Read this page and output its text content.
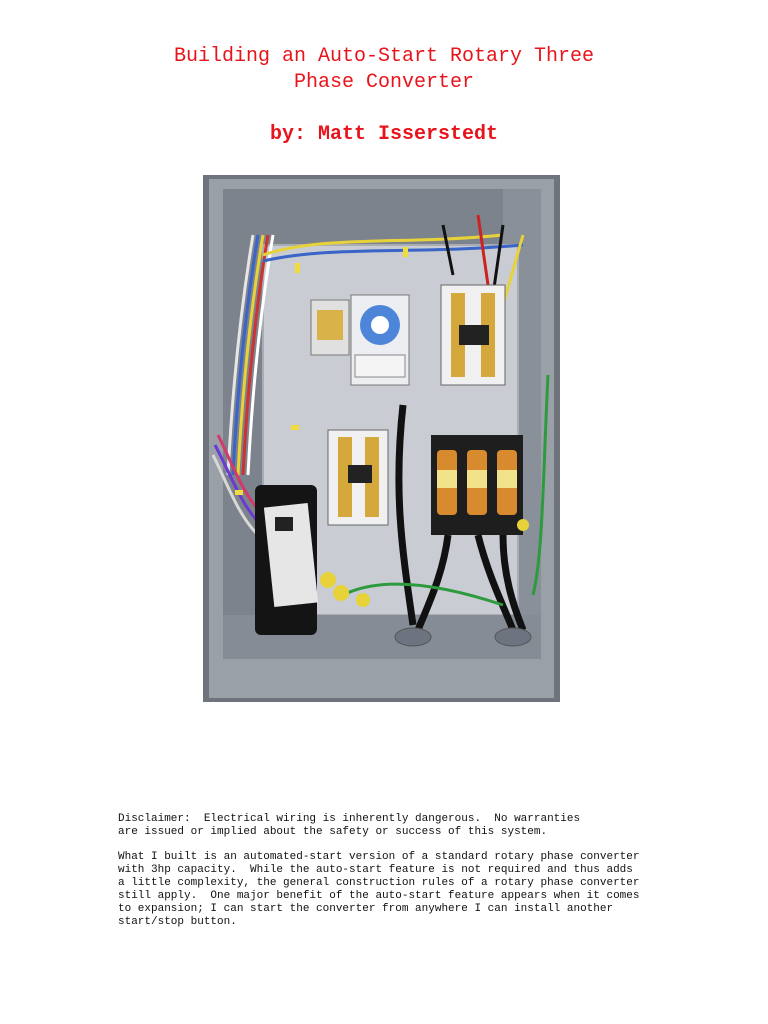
Building an Auto-Start Rotary Three
Phase Converter
by: Matt Isserstedt

Disclaimer:  Electrical wiring is inherently dangerous.  No warranties

are issued or implied about the safety or success of this system.

What I built is an automated-start version of a standard rotary phase converter

with 3hp capacity.  While the auto-start feature is not required and thus adds

a little complexity, the general construction rules of a rotary phase converter

still apply.  One major benefit of the auto-start feature appears when it comes

to expansion; I can start the converter from anywhere I can install another

start/stop button.
